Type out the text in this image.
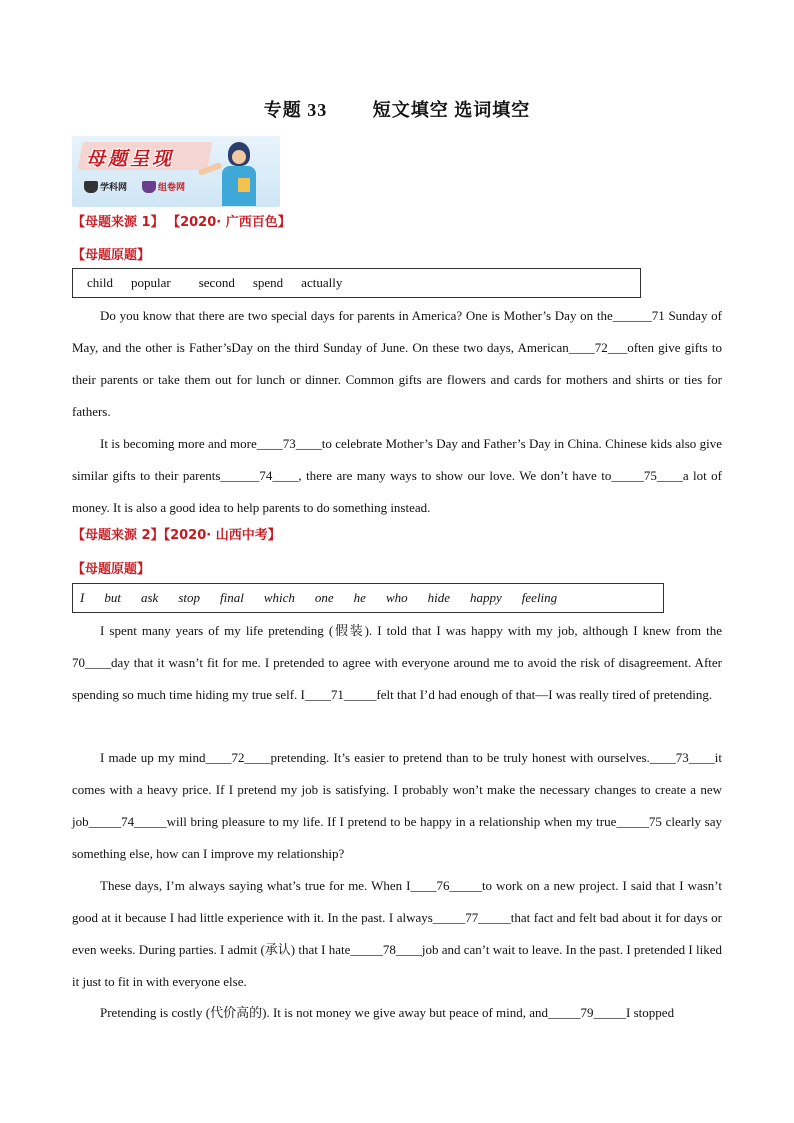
专题 33	短文填空 选词填空
母题呈现
学科网	组卷网
【母题来源 1】 【2020· 广西百色】
【母题原题】
child popular second spend actually

Do you know that there are two special days for parents in America? One is Mother’s Day on the______71 Sunday of May, and the other is Father’sDay on the third Sunday of June. On these two days, American____72___often give gifts to their parents or take them out for lunch or dinner. Common gifts are flowers and cards for mothers and shirts or ties for fathers.

It is becoming more and more____73____to celebrate Mother’s Day and Father’s Day in China. Chinese kids also give similar gifts to their parents______74____, there are many ways to show our love. We don’t have to_____75____a lot of money. It is also a good idea to help parents to do something instead.

【母题来源 2】【2020· 山西中考】
【母题原题】
I but ask stop final which one he who hide happy feeling

I spent many years of my life pretending (假装). I told that I was happy with my job, although I knew from the 70____day that it wasn’t fit for me. I pretended to agree with everyone around me to avoid the risk of disagreement. After spending so much time hiding my true self. I____71_____felt that I’d had enough of that—I was really tired of pretending.

I made up my mind____72____pretending. It’s easier to pretend than to be truly honest with ourselves.____73____it comes with a heavy price. If I pretend my job is satisfying. I probably won’t make the necessary changes to create a new job_____74_____will bring pleasure to my life. If I pretend to be happy in a relationship when my true_____75 clearly say something else, how can I improve my relationship?

These days, I’m always saying what’s true for me. When I____76_____to work on a new project. I said that I wasn’t good at it because I had little experience with it. In the past. I always_____77_____that fact and felt bad about it for days or even weeks. During parties. I admit (承认) that I hate_____78____job and can’t wait to leave. In the past. I pretended I liked it just to fit in with everyone else.

Pretending is costly (代价高的). It is not money we give away but peace of mind, and_____79_____I stopped
